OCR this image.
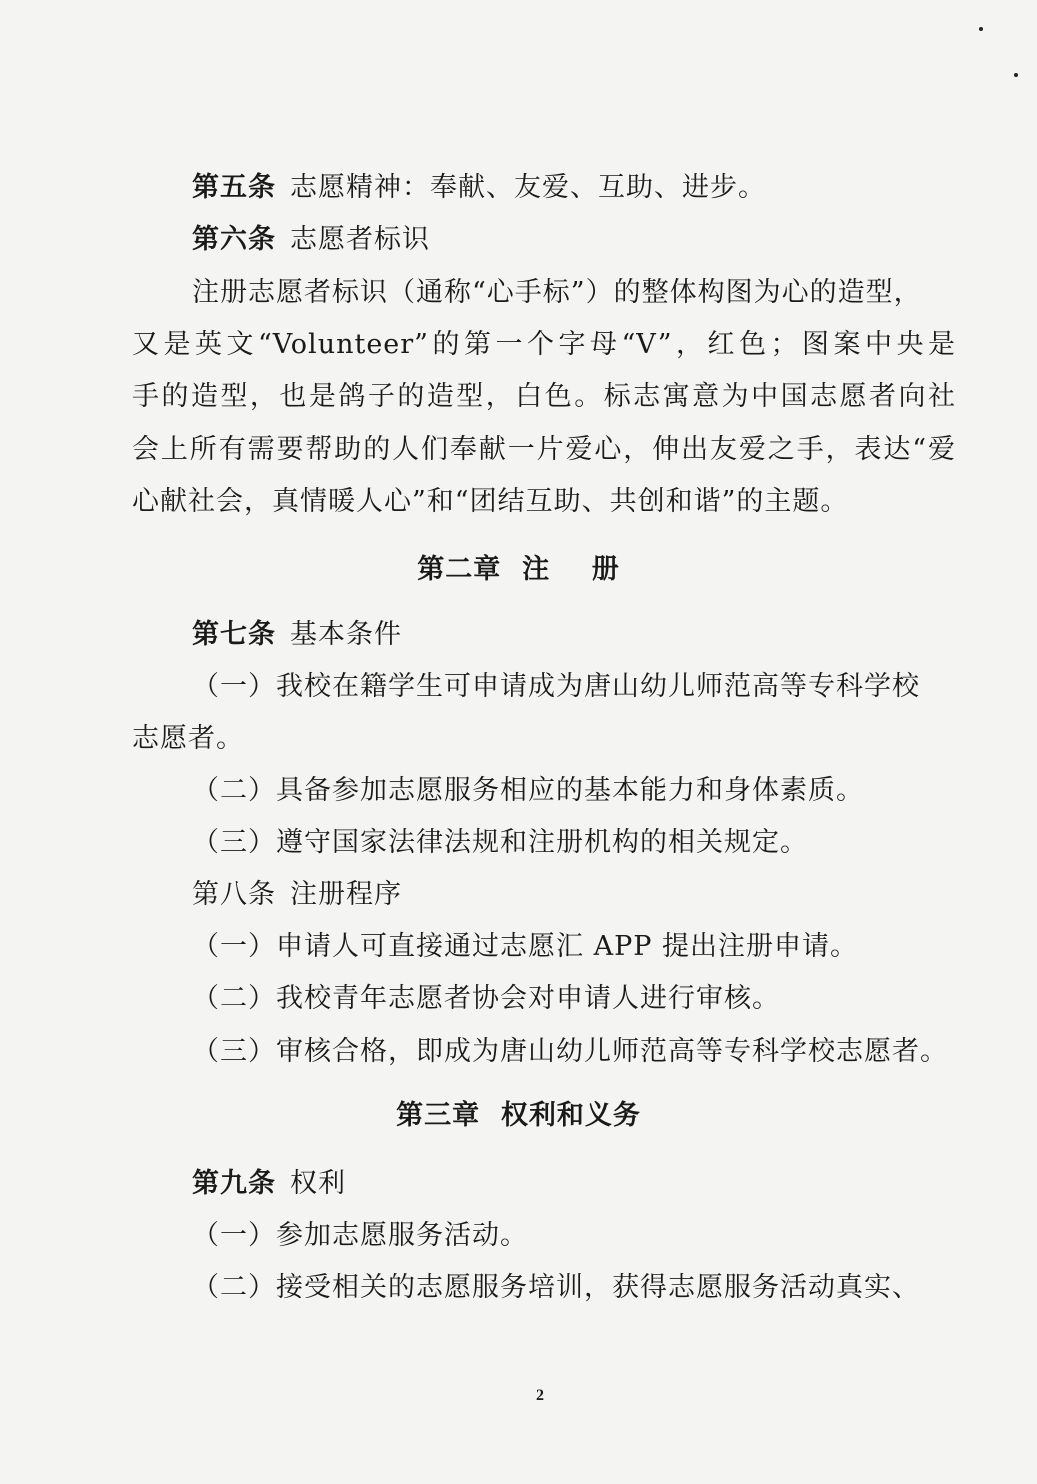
第五条 志愿精神：奉献、友爱、互助、进步。
第六条 志愿者标识
注册志愿者标识（通称“心手标”）的整体构图为心的造型，
又是英文“Volunteer”的第一个字母“V”，红色；图案中央是
手的造型，也是鸽子的造型，白色。标志寓意为中国志愿者向社
会上所有需要帮助的人们奉献一片爱心，伸出友爱之手，表达“爱
心献社会，真情暖人心”和“团结互助、共创和谐”的主题。
第二章  注    册
第七条 基本条件
（一）我校在籍学生可申请成为唐山幼儿师范高等专科学校
志愿者。
（二）具备参加志愿服务相应的基本能力和身体素质。
（三）遵守国家法律法规和注册机构的相关规定。
第八条 注册程序
（一）申请人可直接通过志愿汇 APP 提出注册申请。
（二）我校青年志愿者协会对申请人进行审核。
（三）审核合格，即成为唐山幼儿师范高等专科学校志愿者。
第三章  权利和义务
第九条 权利
（一）参加志愿服务活动。
（二）接受相关的志愿服务培训，获得志愿服务活动真实、
2
